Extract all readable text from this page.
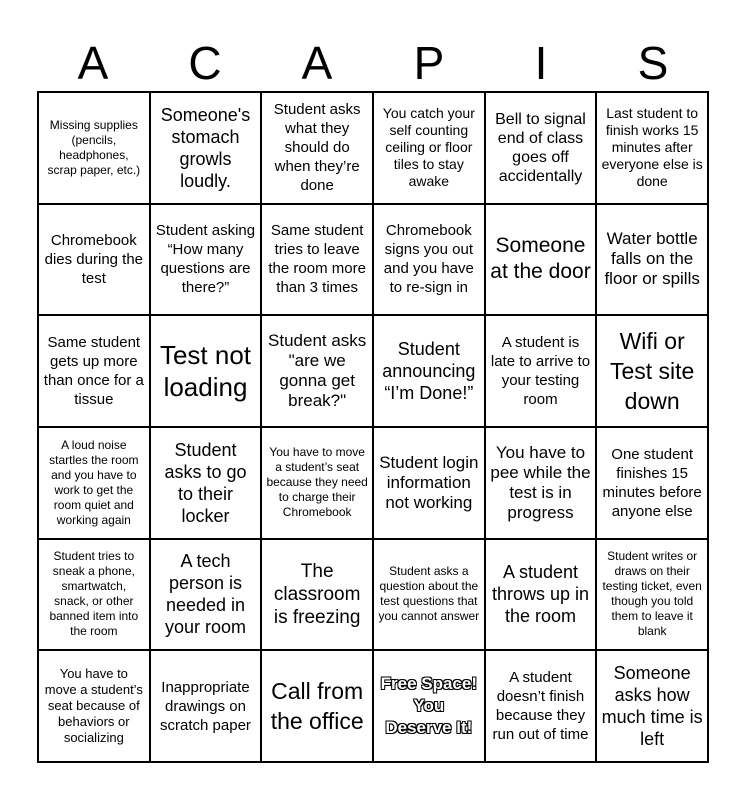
A	C	A	P	I	S
Missing supplies (pencils, headphones, scrap paper, etc.)
Someone's stomach growls loudly.
Student asks what they should do when they’re done
You catch your self counting ceiling or floor tiles to stay awake
Bell to signal end of class goes off accidentally
Last student to finish works 15 minutes after everyone else is done
Chromebook dies during the test
Student asking “How many questions are there?”
Same student tries to leave the room more than 3 times
Chromebook signs you out and you have to re-sign in
Someone at the door
Water bottle falls on the floor or spills
Same student gets up more than once for a tissue
Test not loading
Student asks "are we gonna get break?"
Student announcing “I’m Done!”
A student is late to arrive to your testing room
Wifi or Test site down
A loud noise startles the room and you have to work to get the room quiet and working again
Student asks to go to their locker
You have to move a student’s seat because they need to charge their Chromebook
Student login information not working
You have to pee while the test is in progress
One student finishes 15 minutes before anyone else
Student tries to sneak a phone, smartwatch, snack, or other banned item into the room
A tech person is needed in your room
The classroom is freezing
Student asks a question about the test questions that you cannot answer
A student throws up in the room
Student writes or draws on their testing ticket, even though you told them to leave it blank
You have to move a student’s seat because of behaviors or socializing
Inappropriate drawings on scratch paper
Call from the office
Free Space! You Deserve It!
A student doesn’t finish because they run out of time
Someone asks how much time is left
